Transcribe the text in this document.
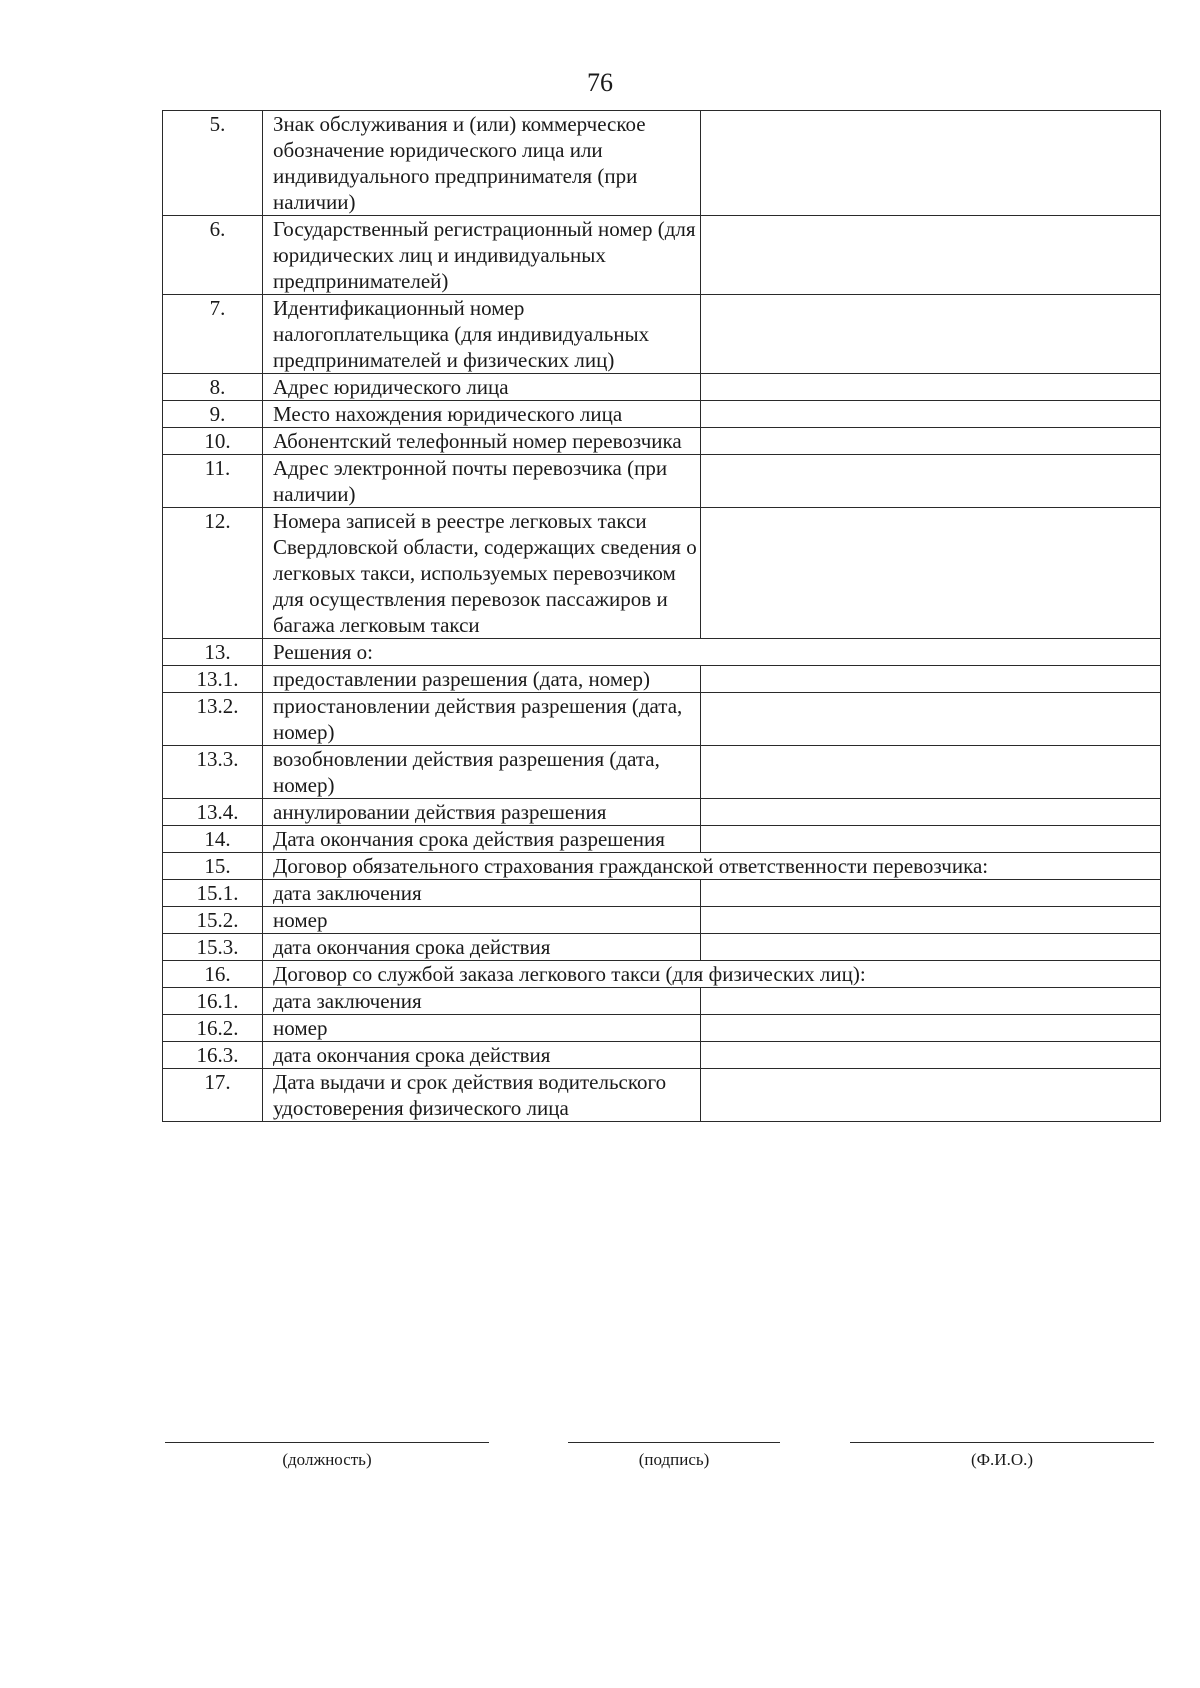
76
5.	Знак обслуживания и (или) коммерческое обозначение юридического лица или индивидуального предпринимателя (при наличии)	
6.	Государственный регистрационный номер (для юридических лиц и индивидуальных предпринимателей)	
7.	Идентификационный номер налогоплательщика (для индивидуальных предпринимателей и физических лиц)	
8.	Адрес юридического лица	
9.	Место нахождения юридического лица	
10.	Абонентский телефонный номер перевозчика	
11.	Адрес электронной почты перевозчика (при наличии)	
12.	Номера записей в реестре легковых такси Свердловской области, содержащих сведения о легковых такси, используемых перевозчиком для осуществления перевозок пассажиров и багажа легковым такси	
13.	Решения о:	
13.1.	предоставлении разрешения (дата, номер)	
13.2.	приостановлении действия разрешения (дата, номер)	
13.3.	возобновлении действия разрешения (дата, номер)	
13.4.	аннулировании действия разрешения	
14.	Дата окончания срока действия разрешения	
15.	Договор обязательного страхования гражданской ответственности перевозчика:	
15.1.	дата заключения	
15.2.	номер	
15.3.	дата окончания срока действия	
16.	Договор со службой заказа легкового такси (для физических лиц):	
16.1.	дата заключения	
16.2.	номер	
16.3.	дата окончания срока действия	
17.	Дата выдачи и срок действия водительского удостоверения физического лица	
(должность)	(подпись)	(Ф.И.О.)
